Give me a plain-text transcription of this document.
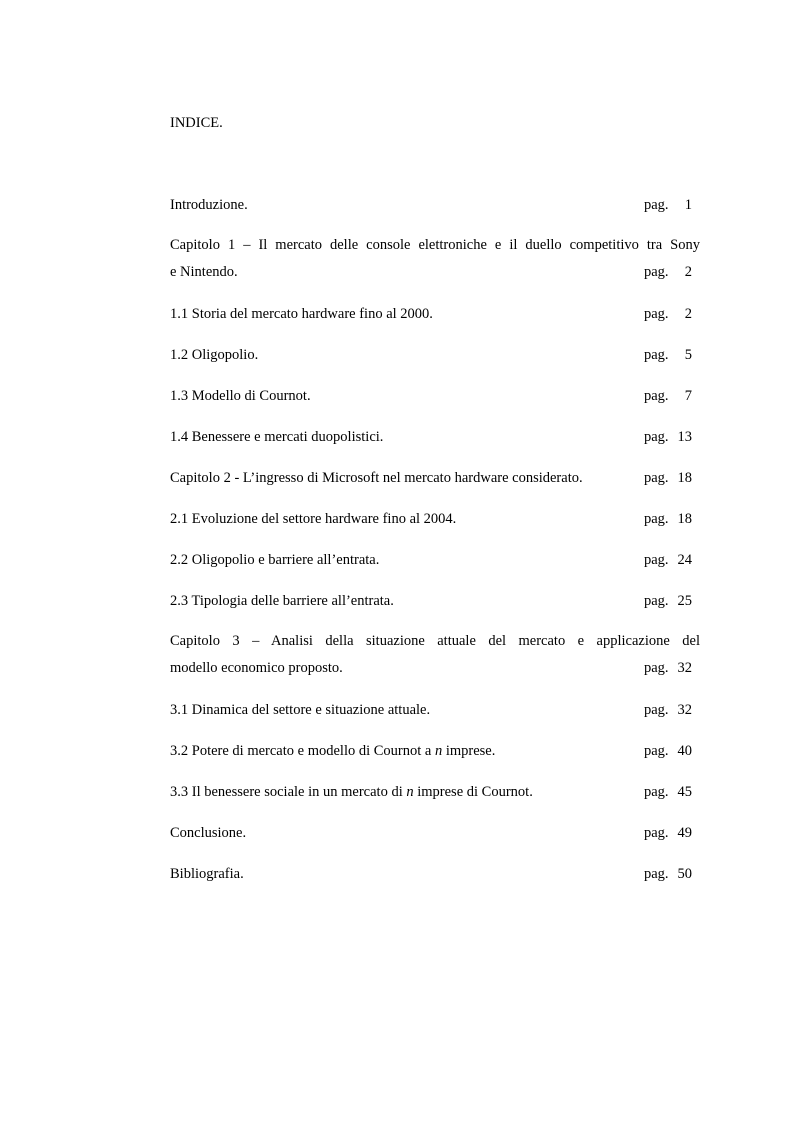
INDICE.
Introduzione.	pag. 1
Capitolo 1 – Il mercato delle console elettroniche e il duello competitivo tra Sony
e Nintendo.	pag. 2
1.1 Storia del mercato hardware fino al 2000.	pag. 2
1.2 Oligopolio.	pag. 5
1.3 Modello di Cournot.	pag. 7
1.4 Benessere e mercati duopolistici.	pag. 13
Capitolo 2 - L’ingresso di Microsoft nel mercato hardware considerato.	pag. 18
2.1 Evoluzione del settore hardware fino al 2004.	pag. 18
2.2 Oligopolio e barriere all’entrata.	pag. 24
2.3 Tipologia delle barriere all’entrata.	pag. 25
Capitolo 3 – Analisi della situazione attuale del mercato e applicazione del
modello economico proposto.	pag. 32
3.1 Dinamica del settore e situazione attuale.	pag. 32
3.2 Potere di mercato e modello di Cournot a n imprese.	pag. 40
3.3 Il benessere sociale in un mercato di n imprese di Cournot.	pag. 45
Conclusione.	pag. 49
Bibliografia.	pag. 50
